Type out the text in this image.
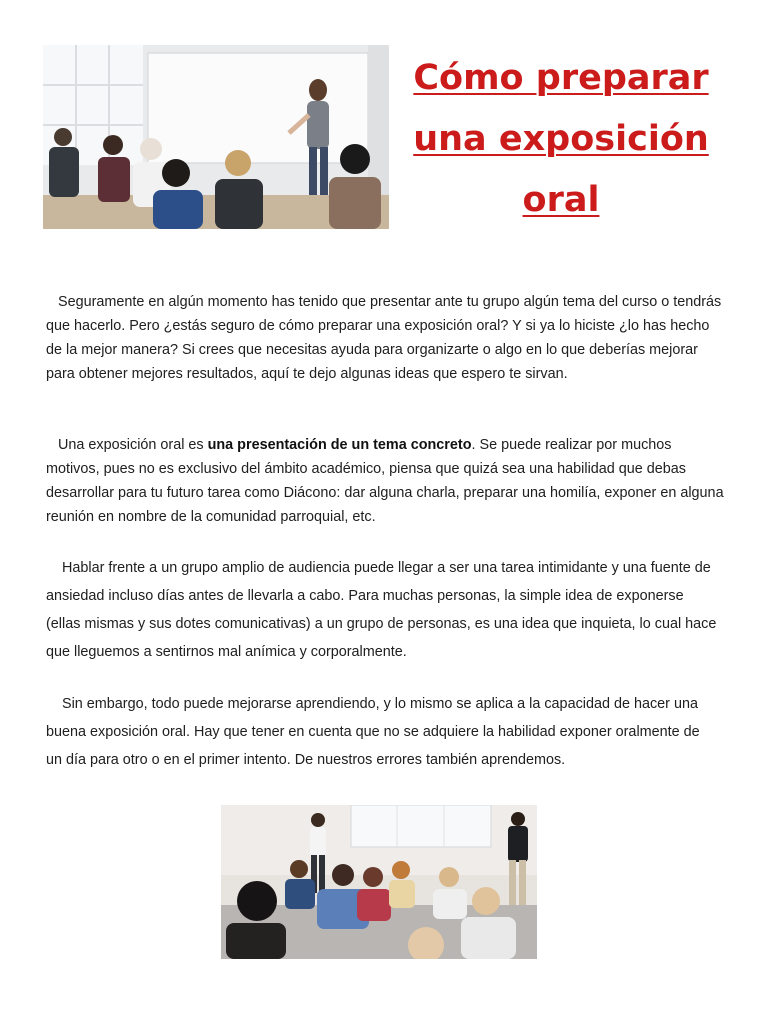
Cómo preparar una exposición oral

Seguramente en algún momento has tenido que presentar ante tu grupo algún tema del curso o tendrás que hacerlo. Pero ¿estás seguro de cómo preparar una exposición oral? Y si ya lo hiciste ¿lo has hecho de la mejor manera? Si crees que necesitas ayuda para organizarte o algo en lo que deberías mejorar para obtener mejores resultados, aquí te dejo algunas ideas que espero te sirvan.

Una exposición oral es una presentación de un tema concreto. Se puede realizar por muchos motivos, pues no es exclusivo del ámbito académico, piensa que quizá sea una habilidad que debas desarrollar para tu futuro tarea como Diácono: dar alguna charla, preparar una homilía, exponer en alguna reunión en nombre de la comunidad parroquial, etc.

Hablar frente a un grupo amplio de audiencia puede llegar a ser una tarea intimidante y una fuente de ansiedad incluso días antes de llevarla a cabo. Para muchas personas, la simple idea de exponerse (ellas mismas y sus dotes comunicativas) a un grupo de personas, es una idea que inquieta, lo cual hace que lleguemos a sentirnos mal anímica y corporalmente.

Sin embargo, todo puede mejorarse aprendiendo, y lo mismo se aplica a la capacidad de hacer una buena exposición oral. Hay que tener en cuenta que no se adquiere la habilidad exponer oralmente de un día para otro o en el primer intento. De nuestros errores también aprendemos.
